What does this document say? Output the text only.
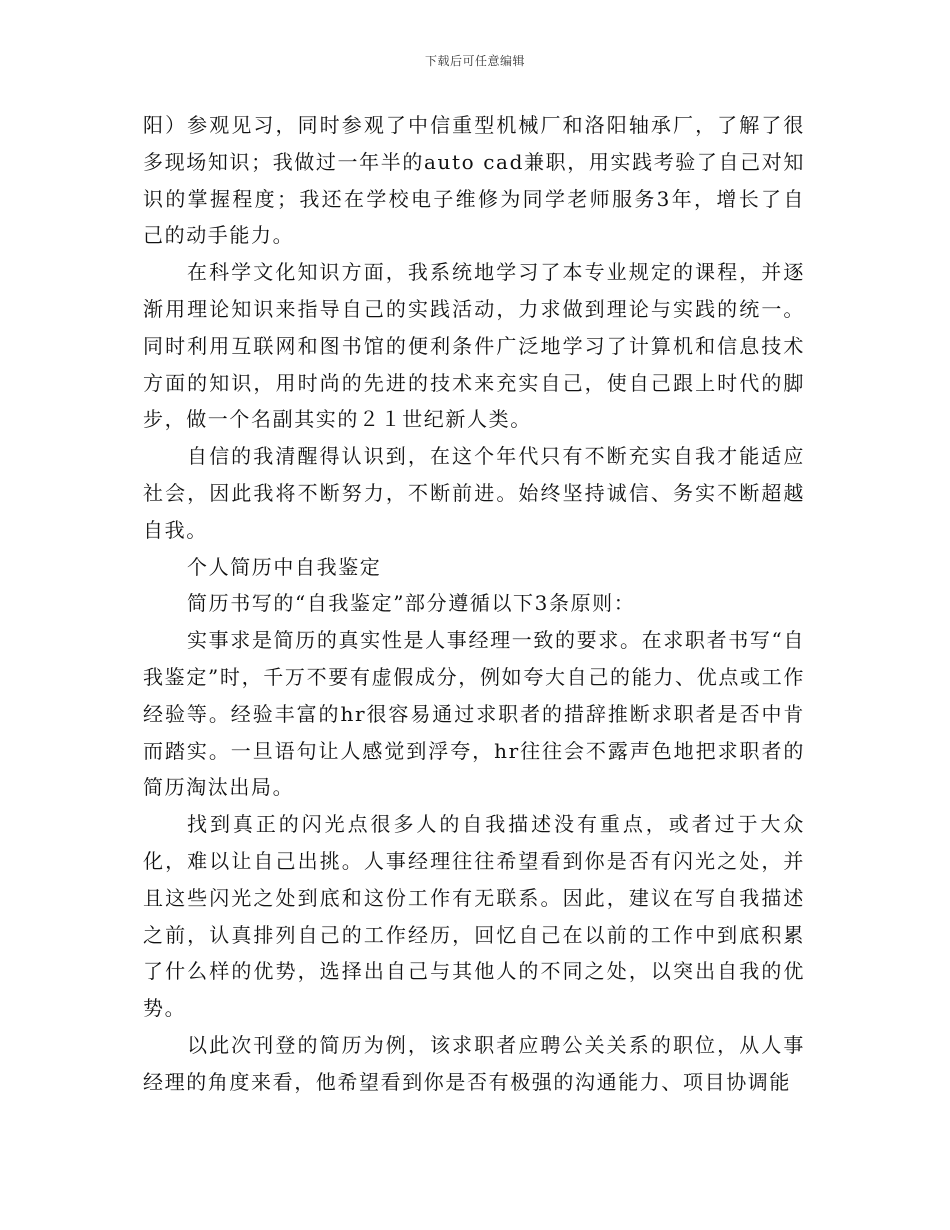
下载后可任意编辑

阳）参观见习，同时参观了中信重型机械厂和洛阳轴承厂，了解了很多现场知识；我做过一年半的auto cad兼职，用实践考验了自己对知识的掌握程度；我还在学校电子维修为同学老师服务3年，增长了自己的动手能力。

在科学文化知识方面，我系统地学习了本专业规定的课程，并逐渐用理论知识来指导自己的实践活动，力求做到理论与实践的统一。同时利用互联网和图书馆的便利条件广泛地学习了计算机和信息技术方面的知识，用时尚的先进的技术来充实自己，使自己跟上时代的脚步，做一个名副其实的２１世纪新人类。

自信的我清醒得认识到，在这个年代只有不断充实自我才能适应社会，因此我将不断努力，不断前进。始终坚持诚信、务实不断超越自我。

个人简历中自我鉴定

简历书写的“自我鉴定”部分遵循以下3条原则：

实事求是简历的真实性是人事经理一致的要求。在求职者书写“自我鉴定”时，千万不要有虚假成分，例如夸大自己的能力、优点或工作经验等。经验丰富的hr很容易通过求职者的措辞推断求职者是否中肯而踏实。一旦语句让人感觉到浮夸，hr往往会不露声色地把求职者的简历淘汰出局。

找到真正的闪光点很多人的自我描述没有重点，或者过于大众化，难以让自己出挑。人事经理往往希望看到你是否有闪光之处，并且这些闪光之处到底和这份工作有无联系。因此，建议在写自我描述之前，认真排列自己的工作经历，回忆自己在以前的工作中到底积累了什么样的优势，选择出自己与其他人的不同之处，以突出自我的优势。

以此次刊登的简历为例，该求职者应聘公关关系的职位，从人事经理的角度来看，他希望看到你是否有极强的沟通能力、项目协调能
